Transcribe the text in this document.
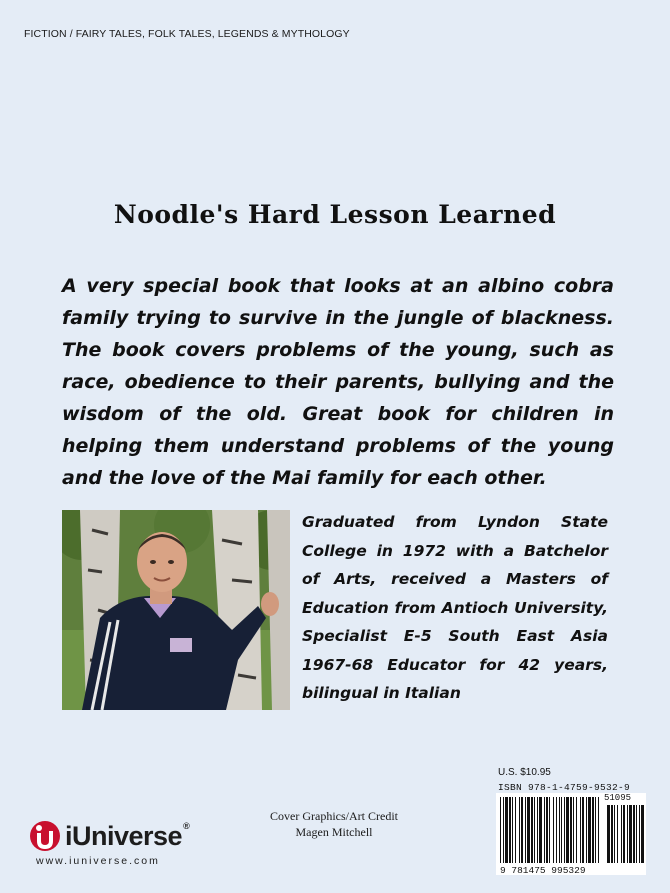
FICTION / FAIRY TALES, FOLK TALES, LEGENDS & MYTHOLOGY
Noodle's Hard Lesson Learned
A very special book that looks at an albino cobra family trying to survive in the jungle of blackness. The book covers problems of the young, such as race, obedience to their parents, bullying and the wisdom of the old. Great book for children in helping them understand problems of the young and the love of the Mai family for each other.
Graduated from Lyndon State College in 1972 with a Batchelor of Arts, received a Masters of Education from Antioch University, Specialist E-5 South East Asia 1967-68 Educator for 42 years, bilingual in Italian
U.S. $10.95
ISBN 978-1-4759-9532-9
9 781475 995329
51095
Cover Graphics/Art Credit
Magen Mitchell
iUniverse®
www.iuniverse.com
